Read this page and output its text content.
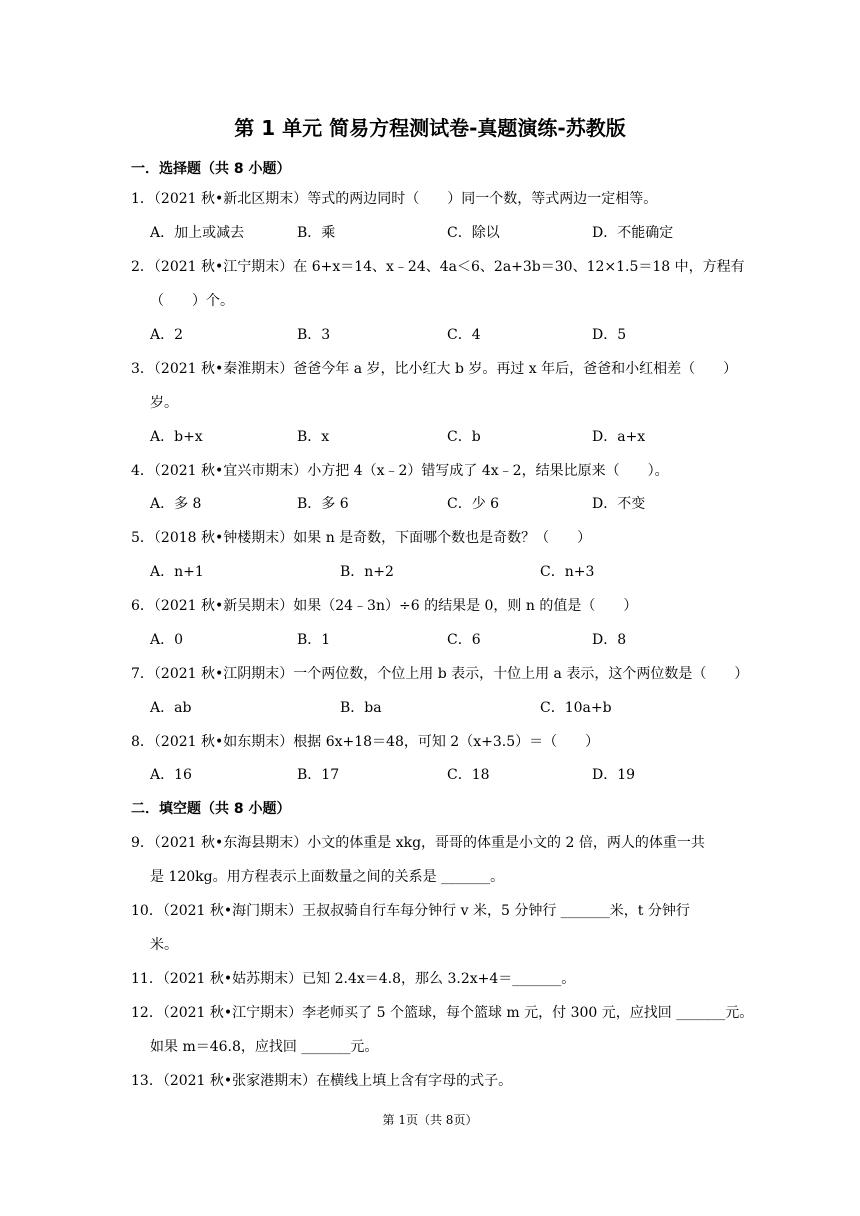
第 1 单元 简易方程测试卷-真题演练-苏教版
一．选择题（共 8 小题）
1．（2021 秋•新北区期末）等式的两边同时（　　）同一个数，等式两边一定相等。
A．加上或减去	B．乘	C．除以	D．不能确定
2．（2021 秋•江宁期末）在 6+x＝14、x﹣24、4a＜6、2a+3b＝30、12×1.5＝18 中，方程有
（　　）个。
A．2	B．3	C．4	D．5
3．（2021 秋•秦淮期末）爸爸今年 a 岁，比小红大 b 岁。再过 x 年后，爸爸和小红相差（　　）
岁。
A．b+x	B．x	C．b	D．a+x
4．（2021 秋•宜兴市期末）小方把 4（x﹣2）错写成了 4x﹣2，结果比原来（　　）。
A．多 8	B．多 6	C．少 6	D．不变
5．（2018 秋•钟楼期末）如果 n 是奇数，下面哪个数也是奇数？（　　）
A．n+1	B．n+2	C．n+3
6．（2021 秋•新吴期末）如果（24﹣3n）÷6 的结果是 0，则 n 的值是（　　）
A．0	B．1	C．6	D．8
7．（2021 秋•江阴期末）一个两位数，个位上用 b 表示，十位上用 a 表示，这个两位数是（　　）
A．ab	B．ba	C．10a+b
8．（2021 秋•如东期末）根据 6x+18＝48，可知 2（x+3.5）＝（　　）
A．16	B．17	C．18	D．19
二．填空题（共 8 小题）
9．（2021 秋•东海县期末）小文的体重是 xkg，哥哥的体重是小文的 2 倍，两人的体重一共
是 120kg。用方程表示上面数量之间的关系是 _______。
10．（2021 秋•海门期末）王叔叔骑自行车每分钟行 v 米，5 分钟行 _______米，t 分钟行
米。
11．（2021 秋•姑苏期末）已知 2.4x＝4.8，那么 3.2x+4＝_______。
12．（2021 秋•江宁期末）李老师买了 5 个篮球，每个篮球 m 元，付 300 元，应找回 _______元。
如果 m＝46.8，应找回 _______元。
13．（2021 秋•张家港期末）在横线上填上含有字母的式子。
第 1页（共 8页）
